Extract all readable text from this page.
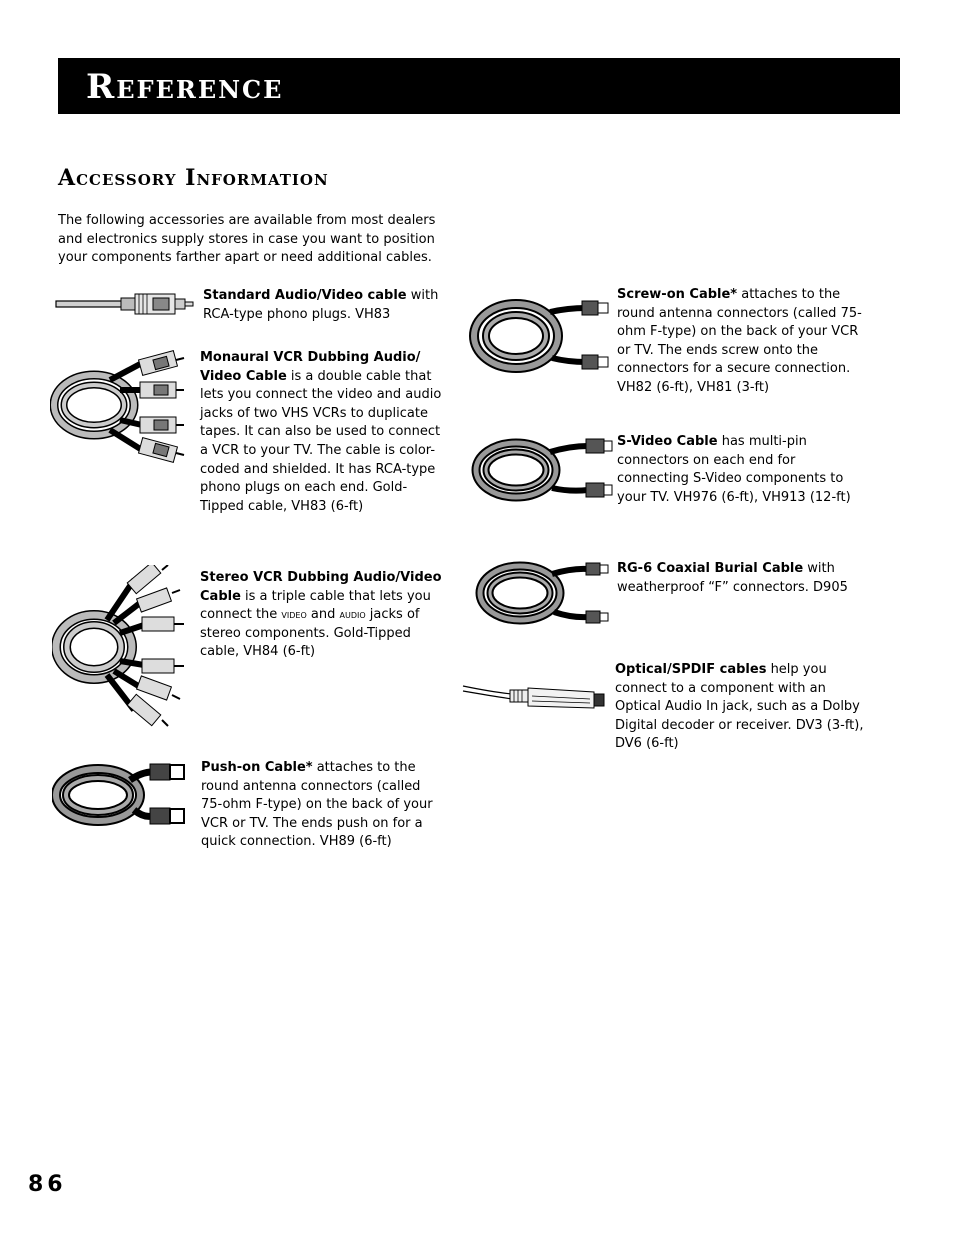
Reference
Accessory Information

The following accessories are available from most dealers and electronics supply stores in case you want to position your components farther apart or need additional cables.

Standard Audio/Video cable with RCA-type phono plugs. VH83

Monaural VCR Dubbing Audio/ Video Cable is a double cable that lets you connect the video and audio jacks of two VHS VCRs to duplicate tapes. It can also be used to connect a VCR to your TV. The cable is color-coded and shielded. It has RCA-type phono plugs on each end. Gold-Tipped cable, VH83 (6-ft)

Stereo VCR Dubbing Audio/Video Cable is a triple cable that lets you connect the video and audio jacks of stereo components. Gold-Tipped cable, VH84 (6-ft)

Push-on Cable* attaches to the round antenna connectors (called 75-ohm F-type) on the back of your VCR or TV. The ends push on for a quick connection. VH89 (6-ft)

Screw-on Cable* attaches to the round antenna connectors (called 75-ohm F-type) on the back of your VCR or TV. The ends screw onto the connectors for a secure connection. VH82 (6-ft), VH81 (3-ft)

S-Video Cable has multi-pin connectors on each end for connecting S-Video components to your TV. VH976 (6-ft), VH913 (12-ft)

RG-6 Coaxial Burial Cable with weatherproof “F” connectors. D905

Optical/SPDIF cables help you connect to a component with an Optical Audio In jack, such as a Dolby Digital decoder or receiver. DV3 (3-ft), DV6 (6-ft)

86
